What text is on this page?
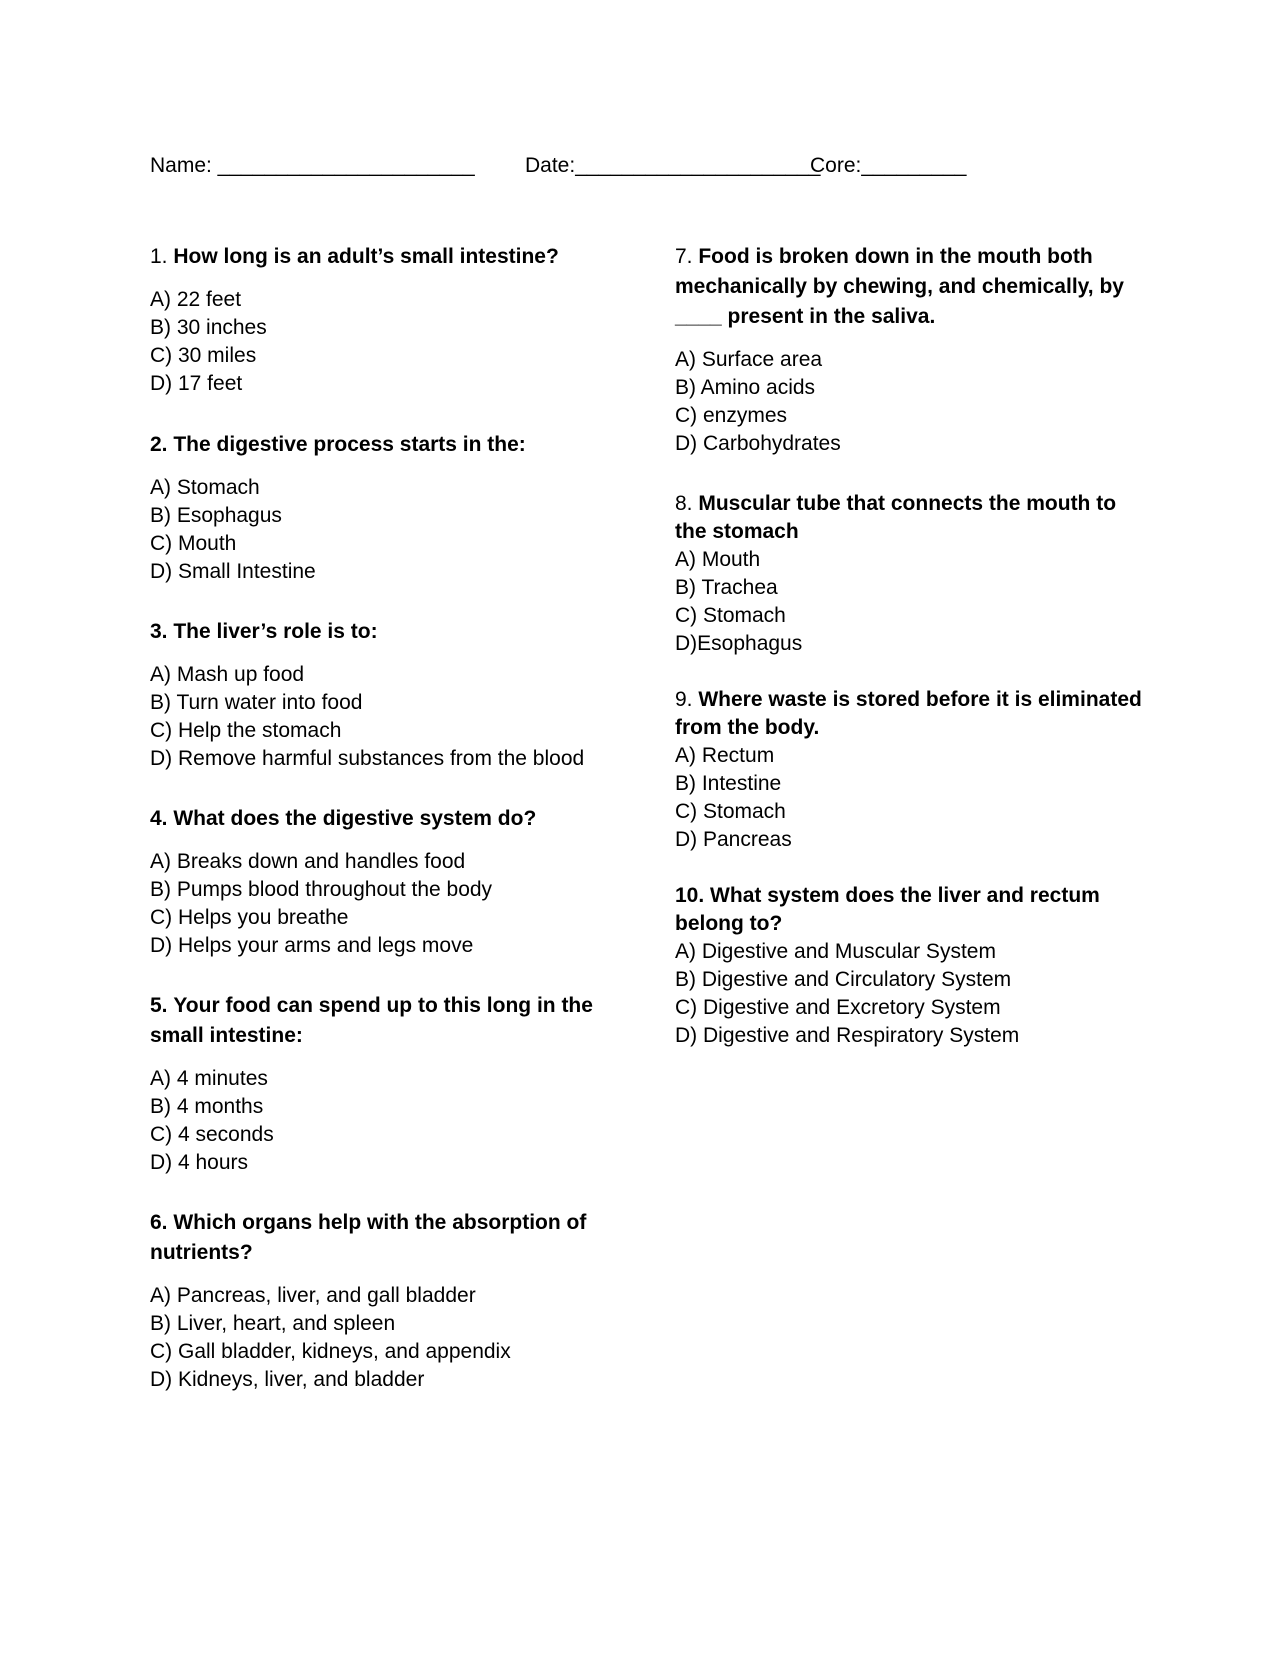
Name: ______________________ Date:_____________________
Core:_________

1. How long is an adult’s small intestine?

A) 22 feet
B) 30 inches
C) 30 miles
D) 17 feet

2. The digestive process starts in the:

A) Stomach
B) Esophagus
C) Mouth
D) Small Intestine

3. The liver’s role is to:

A) Mash up food
B) Turn water into food
C) Help the stomach
D) Remove harmful substances from the blood

4. What does the digestive system do?

A) Breaks down and handles food
B) Pumps blood throughout the body
C) Helps you breathe
D) Helps your arms and legs move

5. Your food can spend up to this long in the small intestine:

A) 4 minutes
B) 4 months
C) 4 seconds
D) 4 hours

6. Which organs help with the absorption of nutrients?

A) Pancreas, liver, and gall bladder
B) Liver, heart, and spleen
C) Gall bladder, kidneys, and appendix
D) Kidneys, liver, and bladder

7. Food is broken down in the mouth both mechanically by chewing, and chemically, by ____ present in the saliva.

A) Surface area
B) Amino acids
C) enzymes
D) Carbohydrates

8. Muscular tube that connects the mouth to the stomach

A) Mouth
B) Trachea
C) Stomach
D)Esophagus

9. Where waste is stored before it is eliminated from the body.

A) Rectum
B) Intestine
C) Stomach
D) Pancreas

10. What system does the liver and rectum belong to?

A) Digestive and Muscular System
B) Digestive and Circulatory System
C) Digestive and Excretory System
D) Digestive and Respiratory System
